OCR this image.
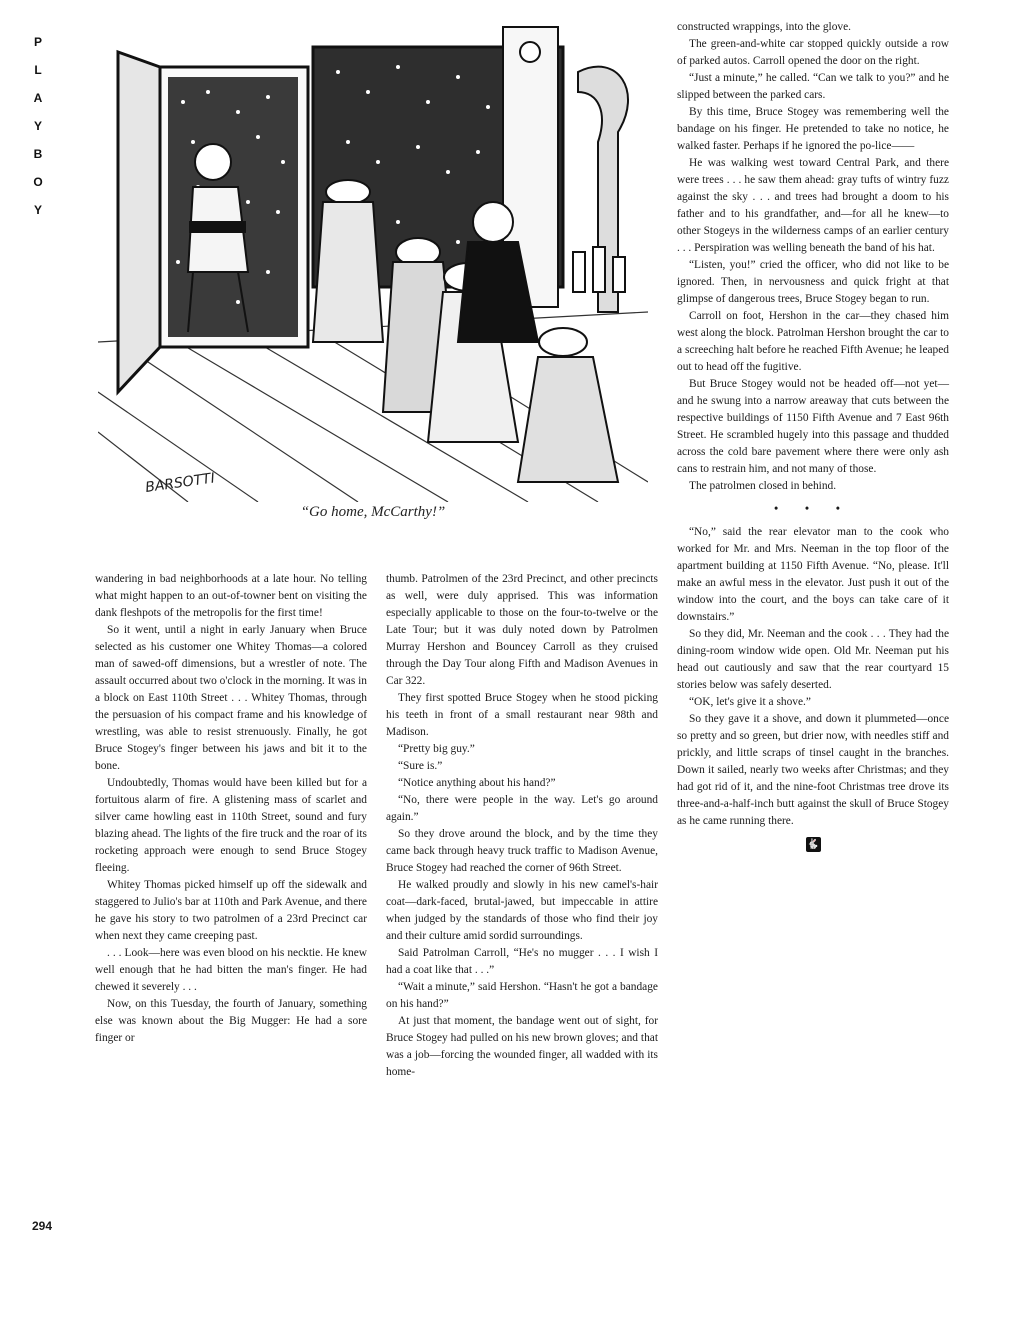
P
L
A
Y
B
O
Y
BARSOTTI
“Go home, McCarthy!”

wandering in bad neighborhoods at a late hour. No telling what might happen to an out-of-towner bent on visiting the dank fleshpots of the metropolis for the first time!

So it went, until a night in early January when Bruce selected as his customer one Whitey Thomas—a colored man of sawed-off dimensions, but a wrestler of note. The assault occurred about two o'clock in the morning. It was in a block on East 110th Street . . . Whitey Thomas, through the persuasion of his compact frame and his knowledge of wrestling, was able to resist strenuously. Finally, he got Bruce Stogey's finger between his jaws and bit it to the bone.

Undoubtedly, Thomas would have been killed but for a fortuitous alarm of fire. A glistening mass of scarlet and silver came howling east in 110th Street, sound and fury blazing ahead. The lights of the fire truck and the roar of its rocketing approach were enough to send Bruce Stogey fleeing.

Whitey Thomas picked himself up off the sidewalk and staggered to Julio's bar at 110th and Park Avenue, and there he gave his story to two patrolmen of a 23rd Precinct car when next they came creeping past.

. . . Look—here was even blood on his necktie. He knew well enough that he had bitten the man's finger. He had chewed it severely . . .

Now, on this Tuesday, the fourth of January, something else was known about the Big Mugger: He had a sore finger or

thumb. Patrolmen of the 23rd Precinct, and other precincts as well, were duly apprised. This was information especially applicable to those on the four-to-twelve or the Late Tour; but it was duly noted down by Patrolmen Murray Hershon and Bouncey Carroll as they cruised through the Day Tour along Fifth and Madison Avenues in Car 322.

They first spotted Bruce Stogey when he stood picking his teeth in front of a small restaurant near 98th and Madison.

“Pretty big guy.”

“Sure is.”

“Notice anything about his hand?”

“No, there were people in the way. Let's go around again.”

So they drove around the block, and by the time they came back through heavy truck traffic to Madison Avenue, Bruce Stogey had reached the corner of 96th Street.

He walked proudly and slowly in his new camel's-hair coat—dark-faced, brutal-jawed, but impeccable in attire when judged by the standards of those who find their joy and their culture amid sordid surroundings.

Said Patrolman Carroll, “He's no mugger . . . I wish I had a coat like that . . .”

“Wait a minute,” said Hershon. “Hasn't he got a bandage on his hand?”

At just that moment, the bandage went out of sight, for Bruce Stogey had pulled on his new brown gloves; and that was a job—forcing the wounded finger, all wadded with its home-

constructed wrappings, into the glove.

The green-and-white car stopped quickly outside a row of parked autos. Carroll opened the door on the right.

“Just a minute,” he called. “Can we talk to you?” and he slipped between the parked cars.

By this time, Bruce Stogey was remembering well the bandage on his finger. He pretended to take no notice, he walked faster. Perhaps if he ignored the po-lice——

He was walking west toward Central Park, and there were trees . . . he saw them ahead: gray tufts of wintry fuzz against the sky . . . and trees had brought a doom to his father and to his grandfather, and—for all he knew—to other Stogeys in the wilderness camps of an earlier century . . . Perspiration was welling beneath the band of his hat.

“Listen, you!” cried the officer, who did not like to be ignored. Then, in nervousness and quick fright at that glimpse of dangerous trees, Bruce Stogey began to run.

Carroll on foot, Hershon in the car—they chased him west along the block. Patrolman Hershon brought the car to a screeching halt before he reached Fifth Avenue; he leaped out to head off the fugitive.

But Bruce Stogey would not be headed off—not yet—and he swung into a narrow areaway that cuts between the respective buildings of 1150 Fifth Avenue and 7 East 96th Street. He scrambled hugely into this passage and thudded across the cold bare pavement where there were only ash cans to restrain him, and not many of those.

The patrolmen closed in behind.

• • •

“No,” said the rear elevator man to the cook who worked for Mr. and Mrs. Neeman in the top floor of the apartment building at 1150 Fifth Avenue. “No, please. It'll make an awful mess in the elevator. Just push it out of the window into the court, and the boys can take care of it downstairs.”

So they did, Mr. Neeman and the cook . . . They had the dining-room window wide open. Old Mr. Neeman put his head out cautiously and saw that the rear courtyard 15 stories below was safely deserted.

“OK, let's give it a shove.”

So they gave it a shove, and down it plummeted—once so pretty and so green, but drier now, with needles stiff and prickly, and little scraps of tinsel caught in the branches. Down it sailed, nearly two weeks after Christmas; and they had got rid of it, and the nine-foot Christmas tree drove its three-and-a-half-inch butt against the skull of Bruce Stogey as he came running there.

🐇
294
